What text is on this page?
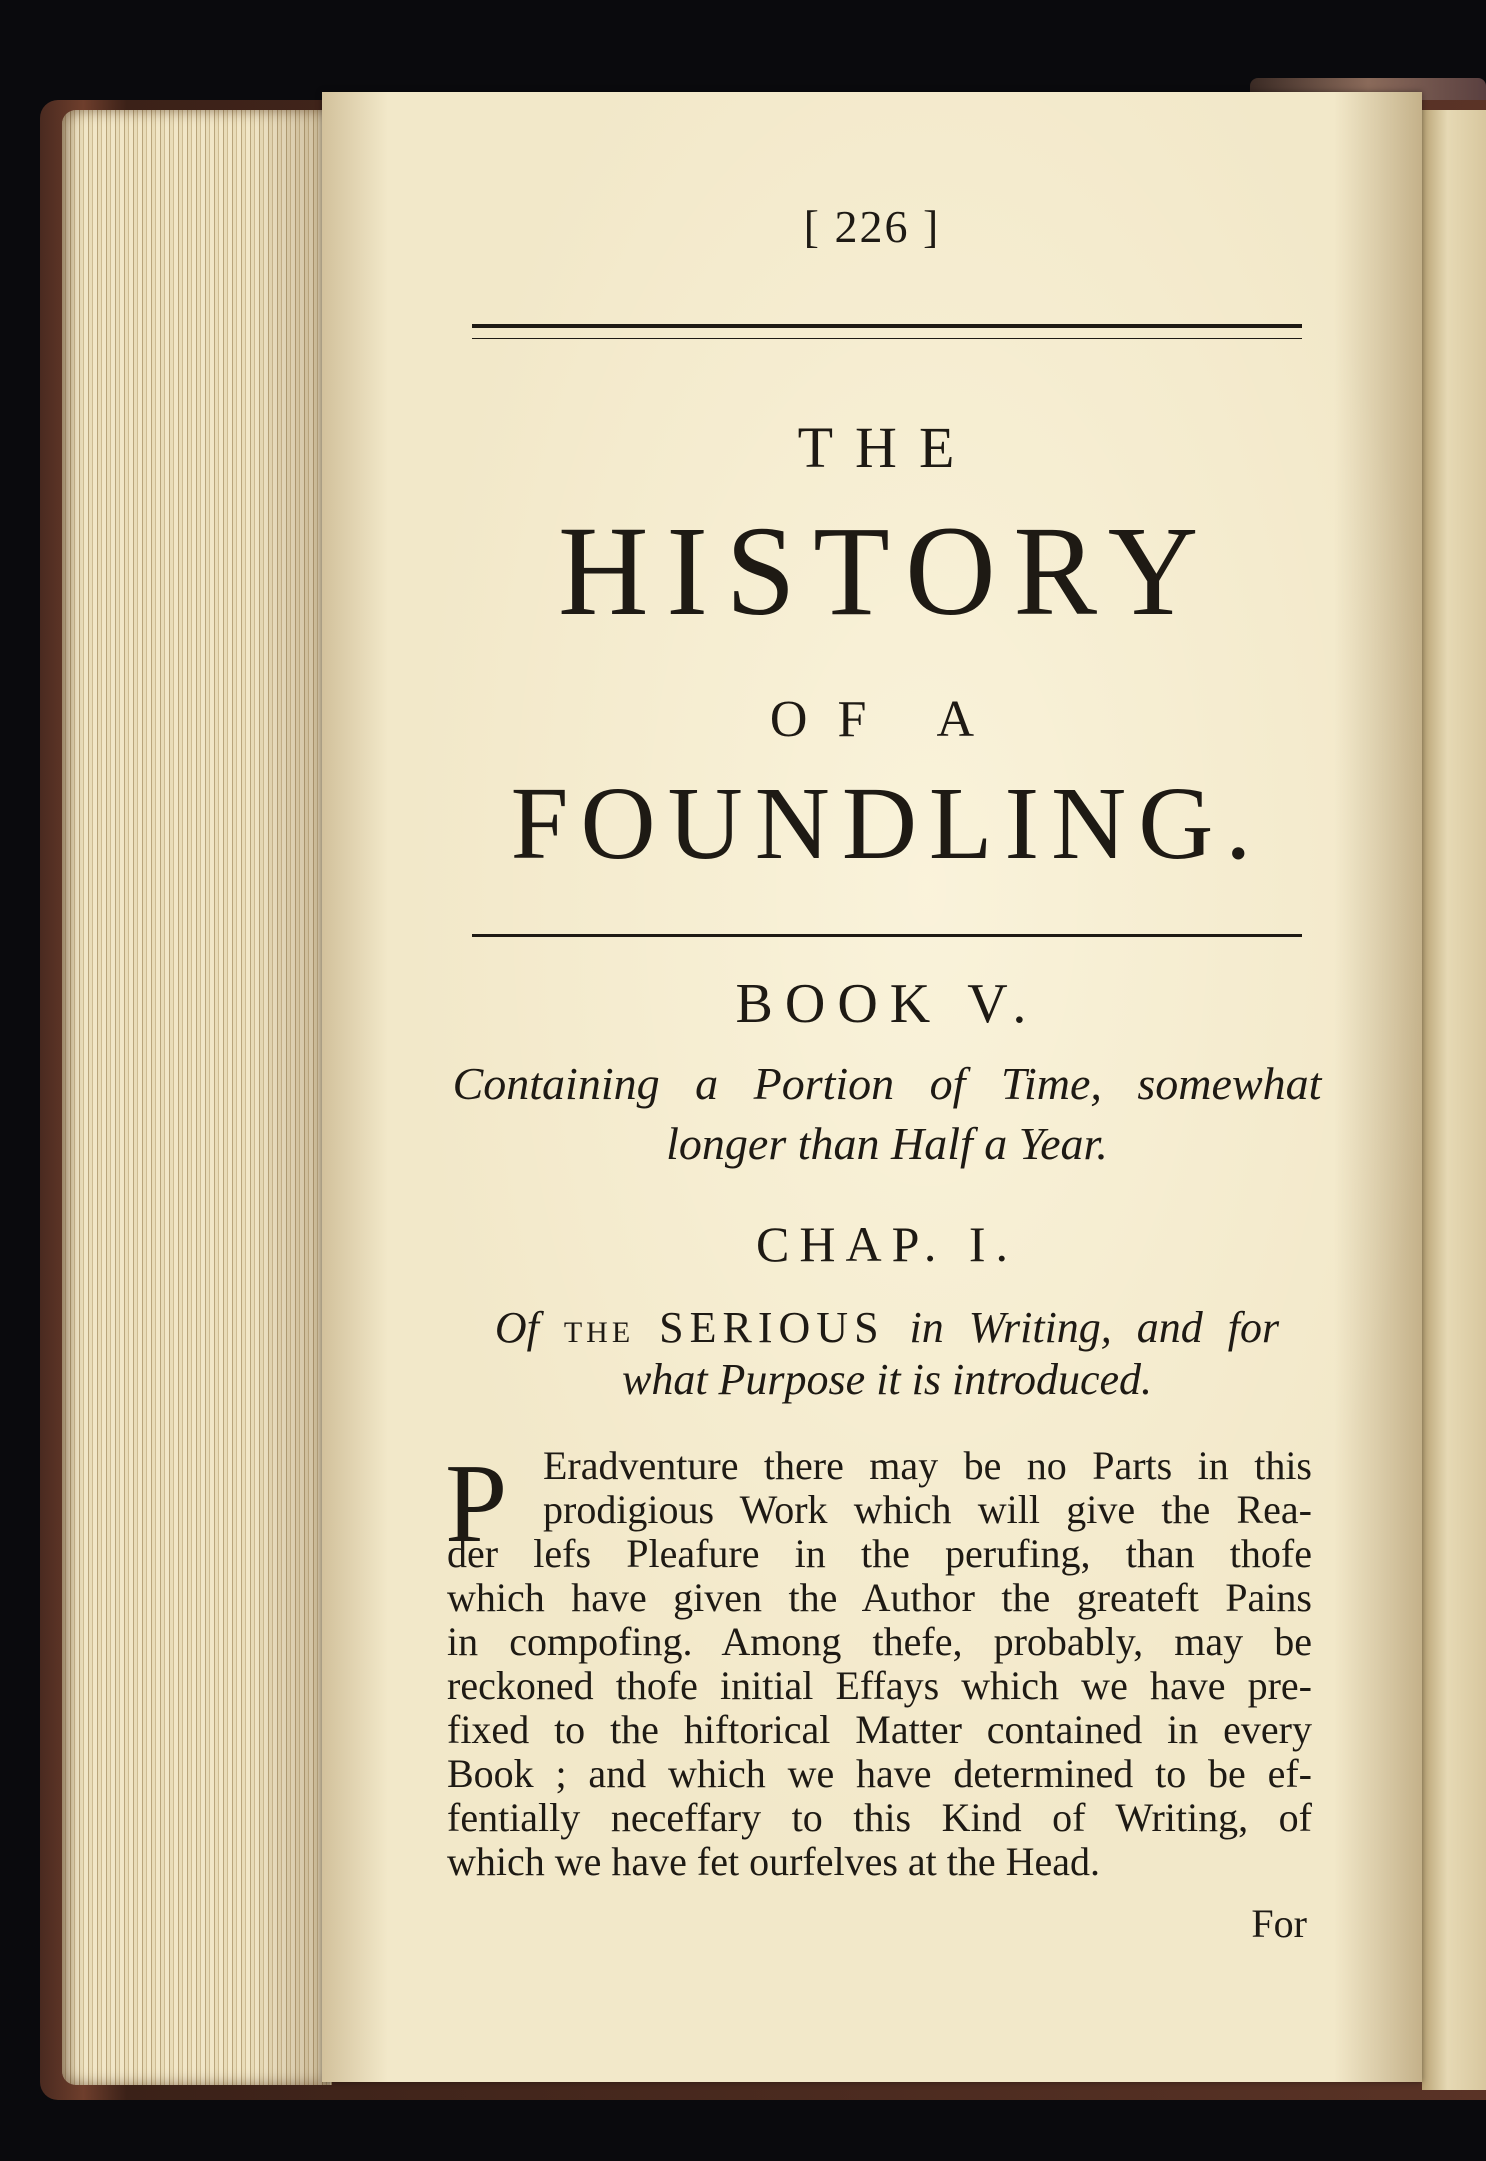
[ 226 ]
THE
HISTORY
OF A
FOUNDLING.
BOOK V.
Containing a Portion of Time, somewhat
longer than Half a Year.
CHAP. I.
Of THE SERIOUS in Writing, and for
what Purpose it is introduced.
P Eradventure there may be no Parts in this
prodigious Work which will give the Rea-
der lefs Pleafure in the perufing, than thofe
which have given the Author the greateft Pains
in compofing. Among thefe, probably, may be
reckoned thofe initial Effays which we have pre-
fixed to the hiftorical Matter contained in every
Book ; and which we have determined to be ef-
fentially neceffary to this Kind of Writing, of
which we have fet ourfelves at the Head.
For
